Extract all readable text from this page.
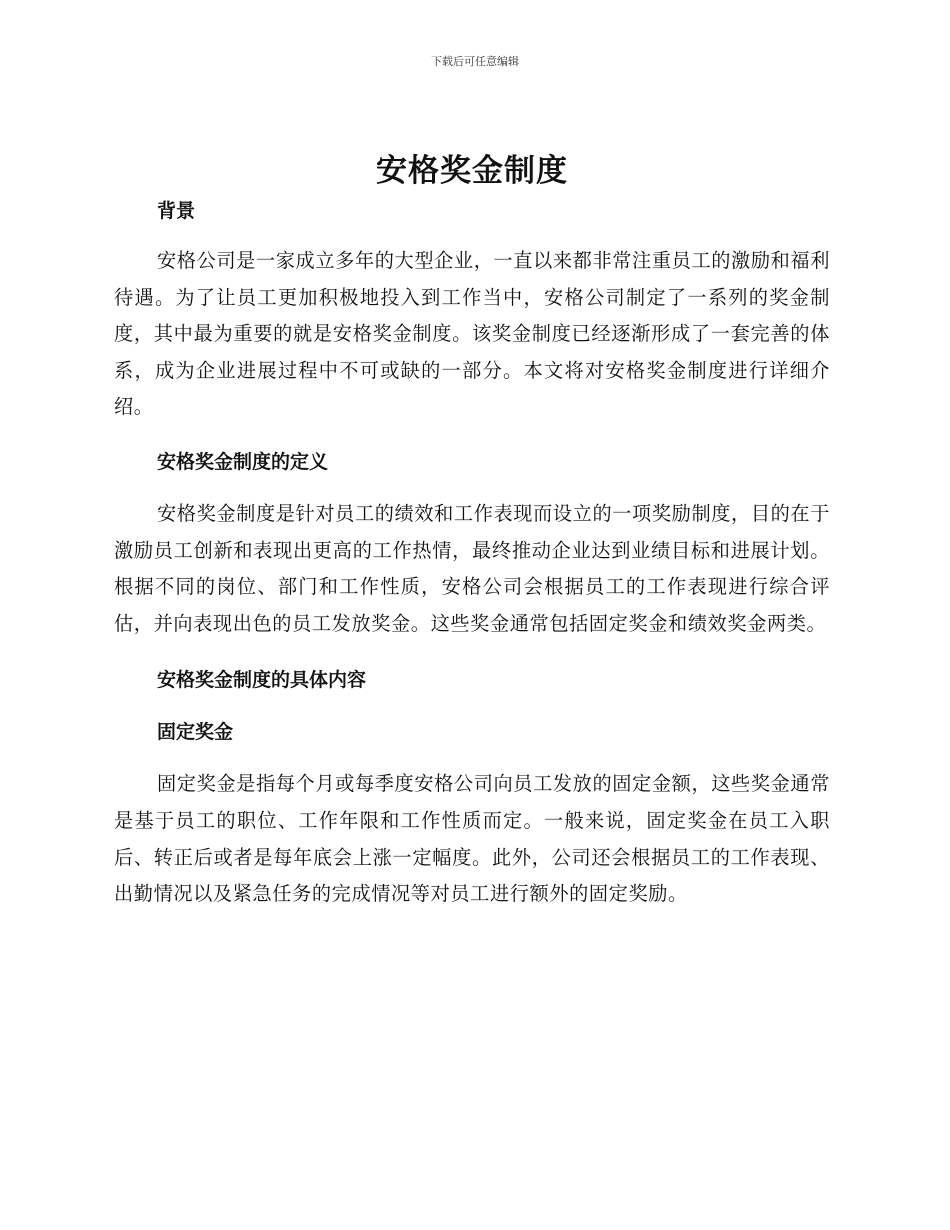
下载后可任意编辑
安格奖金制度
背景

安格公司是一家成立多年的大型企业，一直以来都非常注重员工的激励和福利待遇。为了让员工更加积极地投入到工作当中，安格公司制定了一系列的奖金制度，其中最为重要的就是安格奖金制度。该奖金制度已经逐渐形成了一套完善的体系，成为企业进展过程中不可或缺的一部分。本文将对安格奖金制度进行详细介绍。

安格奖金制度的定义

安格奖金制度是针对员工的绩效和工作表现而设立的一项奖励制度，目的在于激励员工创新和表现出更高的工作热情，最终推动企业达到业绩目标和进展计划。根据不同的岗位、部门和工作性质，安格公司会根据员工的工作表现进行综合评估，并向表现出色的员工发放奖金。这些奖金通常包括固定奖金和绩效奖金两类。

安格奖金制度的具体内容
固定奖金

固定奖金是指每个月或每季度安格公司向员工发放的固定金额，这些奖金通常是基于员工的职位、工作年限和工作性质而定。一般来说，固定奖金在员工入职后、转正后或者是每年底会上涨一定幅度。此外，公司还会根据员工的工作表现、出勤情况以及紧急任务的完成情况等对员工进行额外的固定奖励。
